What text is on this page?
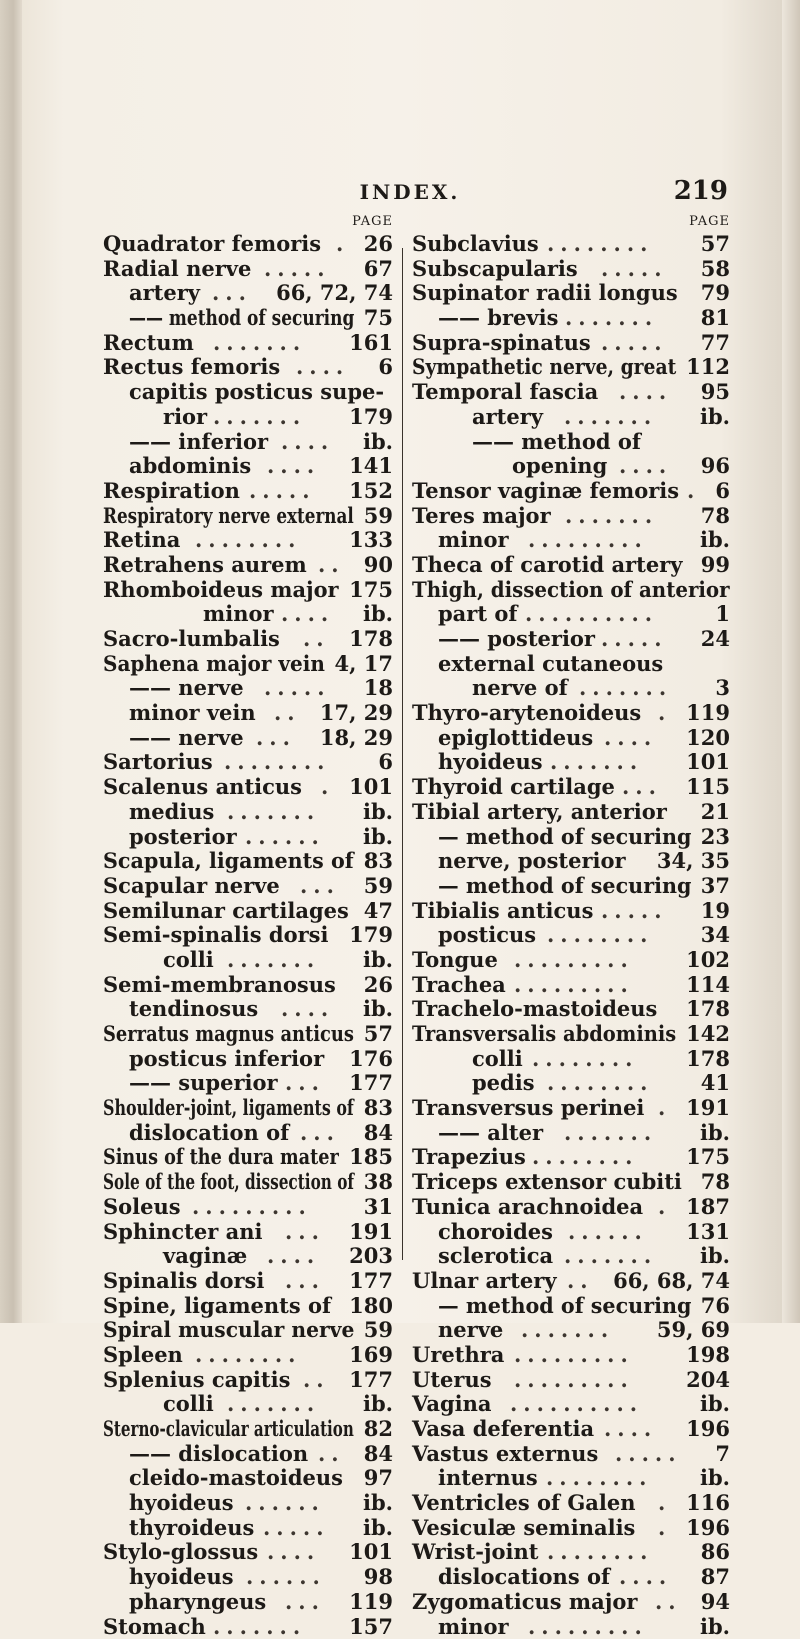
INDEX.	219
PAGE
Quadrator femoris 26
.
Radial nerve	67
.....
artery	66, 72, 74
...
—— method of securing 75
Rectum	161
.......
Rectus femoris	6
....
capitis posticus supe-
rior	179
.......
—— inferior	ib.
....
abdominis	141
....
Respiration	152
.....
Respiratory nerve external 59
Retina	133
........
Retrahens aurem	90
..
Rhomboideus major 175
minor	ib.
....
Sacro-lumbalis	178
..
Saphena major vein 4, 17
—— nerve	18
.....
minor vein	17, 29
..
—— nerve	18, 29
...
Sartorius	6
........
Scalenus anticus 101
.
medius	ib.
.......
posterior	ib.
......
Scapula, ligaments of 83
Scapular nerve	59
...
Semilunar cartilages 47
Semi-spinalis dorsi 179
colli	ib.
.......
Semi-membranosus 26
tendinosus	ib.
....
Serratus magnus anticus 57
posticus inferior 176
—— superior	177
...
Shoulder-joint, ligaments of 83
dislocation of	84
...
Sinus of the dura mater 185
Sole of the foot, dissection of 38
Soleus	31
.........
Sphincter ani	191
...
vaginæ	203
....
Spinalis dorsi	177
...
Spine, ligaments of 180
Spiral muscular nerve 59
Spleen	169
........
Splenius capitis	177
..
colli	ib.
.......
Sterno-clavicular articulation 82
—— dislocation	84
..
cleido-mastoideus 97
hyoideus	ib.
......
thyroideus	ib.
.....
Stylo-glossus	101
....
hyoideus	98
......
pharyngeus	119
...
Stomach	157
.......
PAGE
Subclavius	57
........
Subscapularis	58
.....
Supinator radii longus 79
—— brevis	81
.......
Supra-spinatus	77
.....
Sympathetic nerve, great 112
Temporal fascia	95
....
artery	ib.
.......
—— method of
opening	96
....
Tensor vaginæ femoris 6
.
Teres major	78
.......
minor	ib.
.........
Theca of carotid artery 99
Thigh, dissection of anterior
part of	1
..........
—— posterior	24
.....
external cutaneous
nerve of	3
.......
Thyro-arytenoideus 119
.
epiglottideus	120
....
hyoideus	101
.......
Thyroid cartilage	115
...
Tibial artery, anterior 21
— method of securing 23
nerve, posterior 34, 35
— method of securing 37
Tibialis anticus	19
.....
posticus	34
........
Tongue	102
.........
Trachea	114
.........
Trachelo-mastoideus 178
Transversalis abdominis 142
colli	178
........
pedis	41
........
Transversus perinei 191
.
—— alter	ib.
.......
Trapezius	175
........
Triceps extensor cubiti 78
Tunica arachnoidea 187
.
choroides	131
......
sclerotica	ib.
.......
Ulnar artery	66, 68, 74
..
— method of securing 76
nerve	59, 69
.......
Urethra	198
.........
Uterus	204
.........
Vagina	ib.
..........
Vasa deferentia	196
....
Vastus externus	7
.....
internus	ib.
........
Ventricles of Galen 116
.
Vesiculæ seminalis 196
.
Wrist-joint	86
........
dislocations of	87
....
Zygomaticus major	94
..
minor	ib.
.........
